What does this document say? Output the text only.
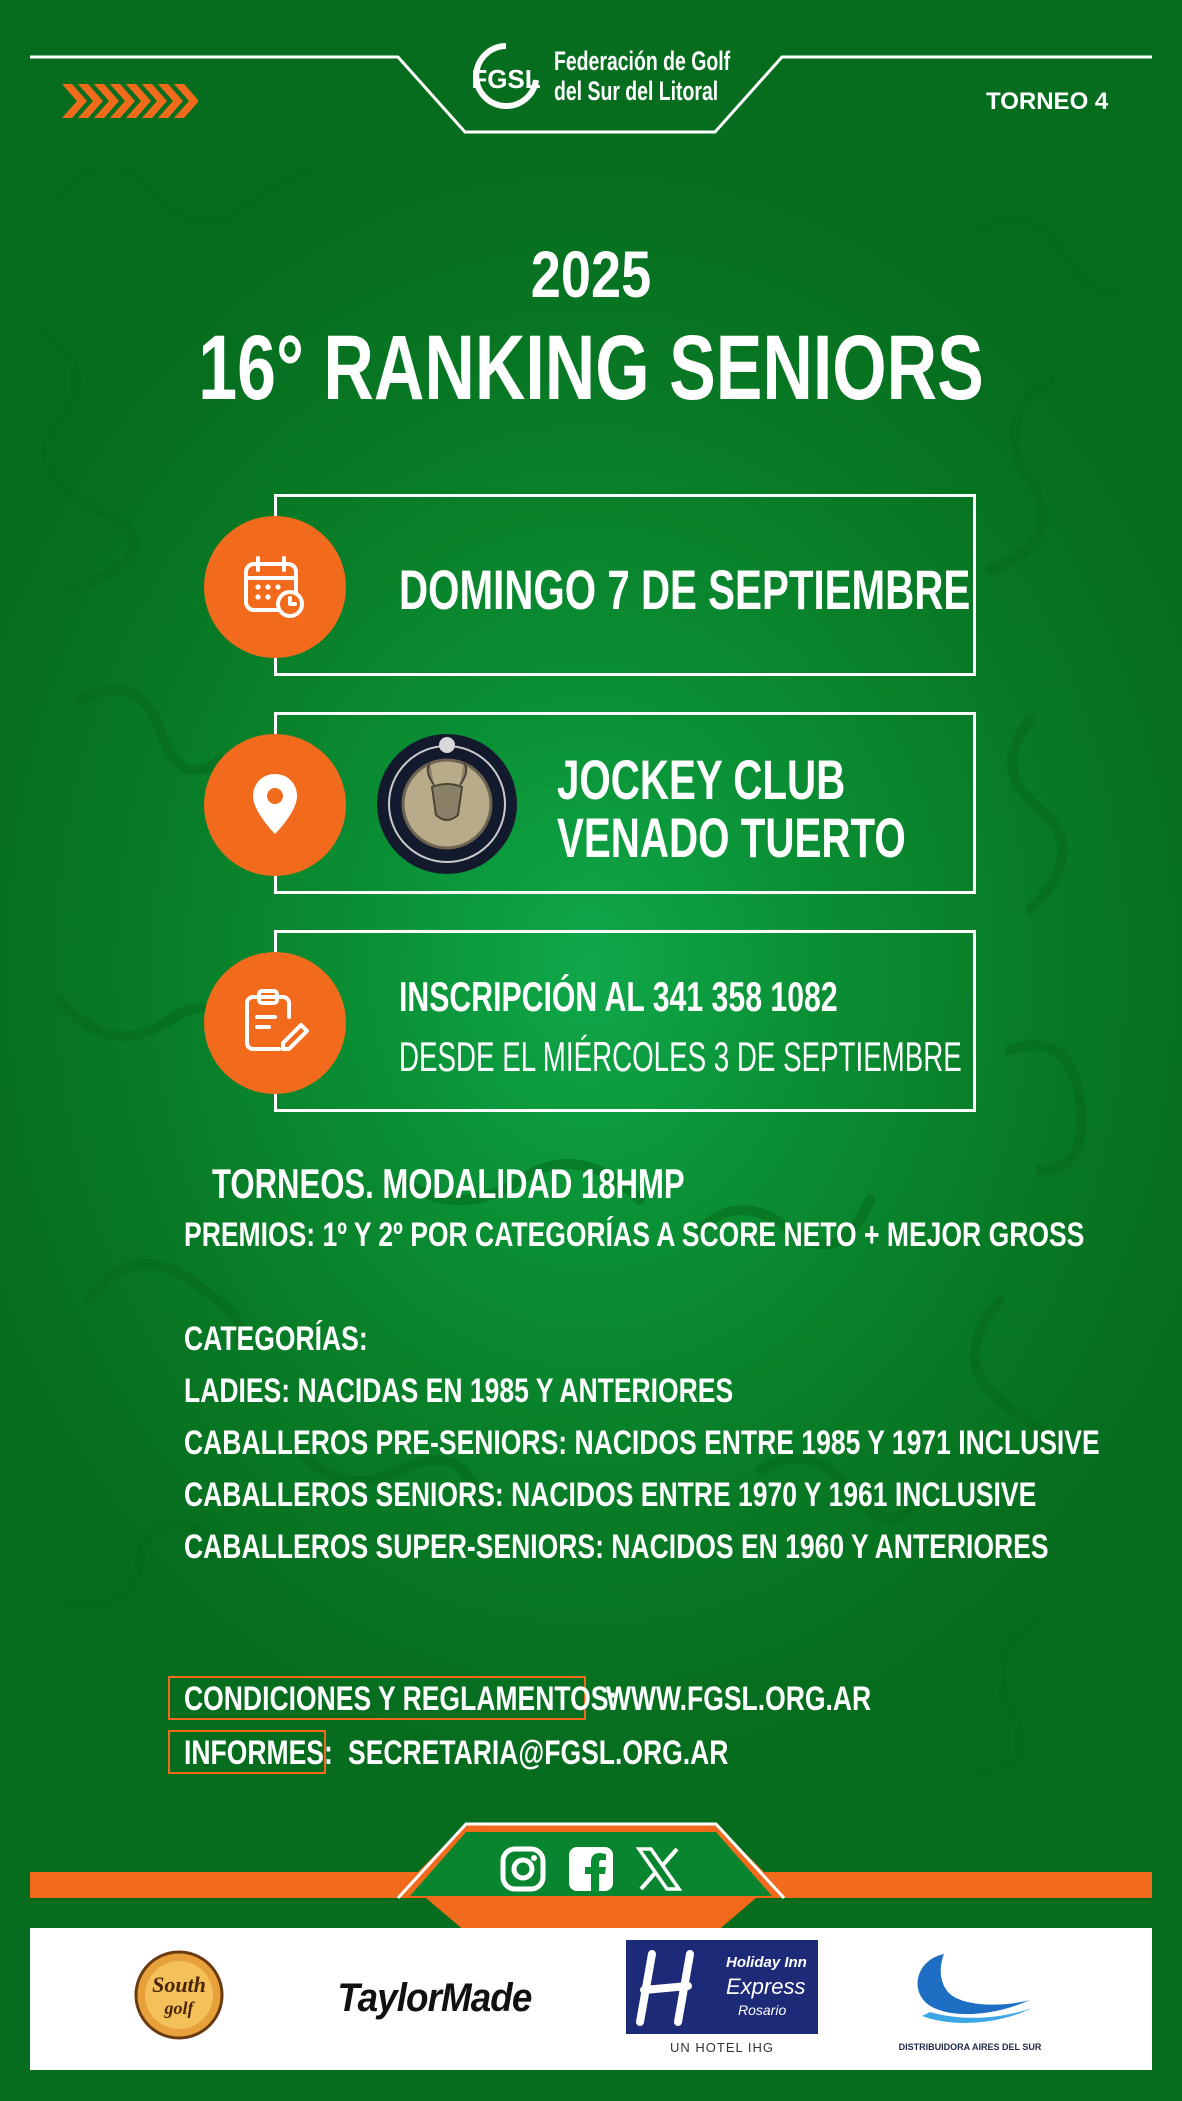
FGSL
Federación de Golf
del Sur del Litoral	TORNEO 4
2025
16° RANKING SENIORS
DOMINGO 7 DE SEPTIEMBRE
JOCKEY CLUB
VENADO TUERTO
INSCRIPCIÓN AL 341 358 1082
DESDE EL MIÉRCOLES 3 DE SEPTIEMBRE
TORNEOS. MODALIDAD 18HMP
PREMIOS: 1º Y 2º POR CATEGORÍAS A SCORE NETO + MEJOR GROSS
CATEGORÍAS:
LADIES: NACIDAS EN 1985 Y ANTERIORES
CABALLEROS PRE-SENIORS: NACIDOS ENTRE 1985 Y 1971 INCLUSIVE
CABALLEROS SENIORS: NACIDOS ENTRE 1970 Y 1961 INCLUSIVE
CABALLEROS SUPER-SENIORS: NACIDOS EN 1960 Y ANTERIORES
CONDICIONES Y REGLAMENTOS:
WWW.FGSL.ORG.AR
INFORMES: SECRETARIA@FGSL.ORG.AR
South
golf	TaylorMade
Holiday Inn
Express
Rosario
UN HOTEL IHG	DISTRIBUIDORA AIRES DEL SUR
